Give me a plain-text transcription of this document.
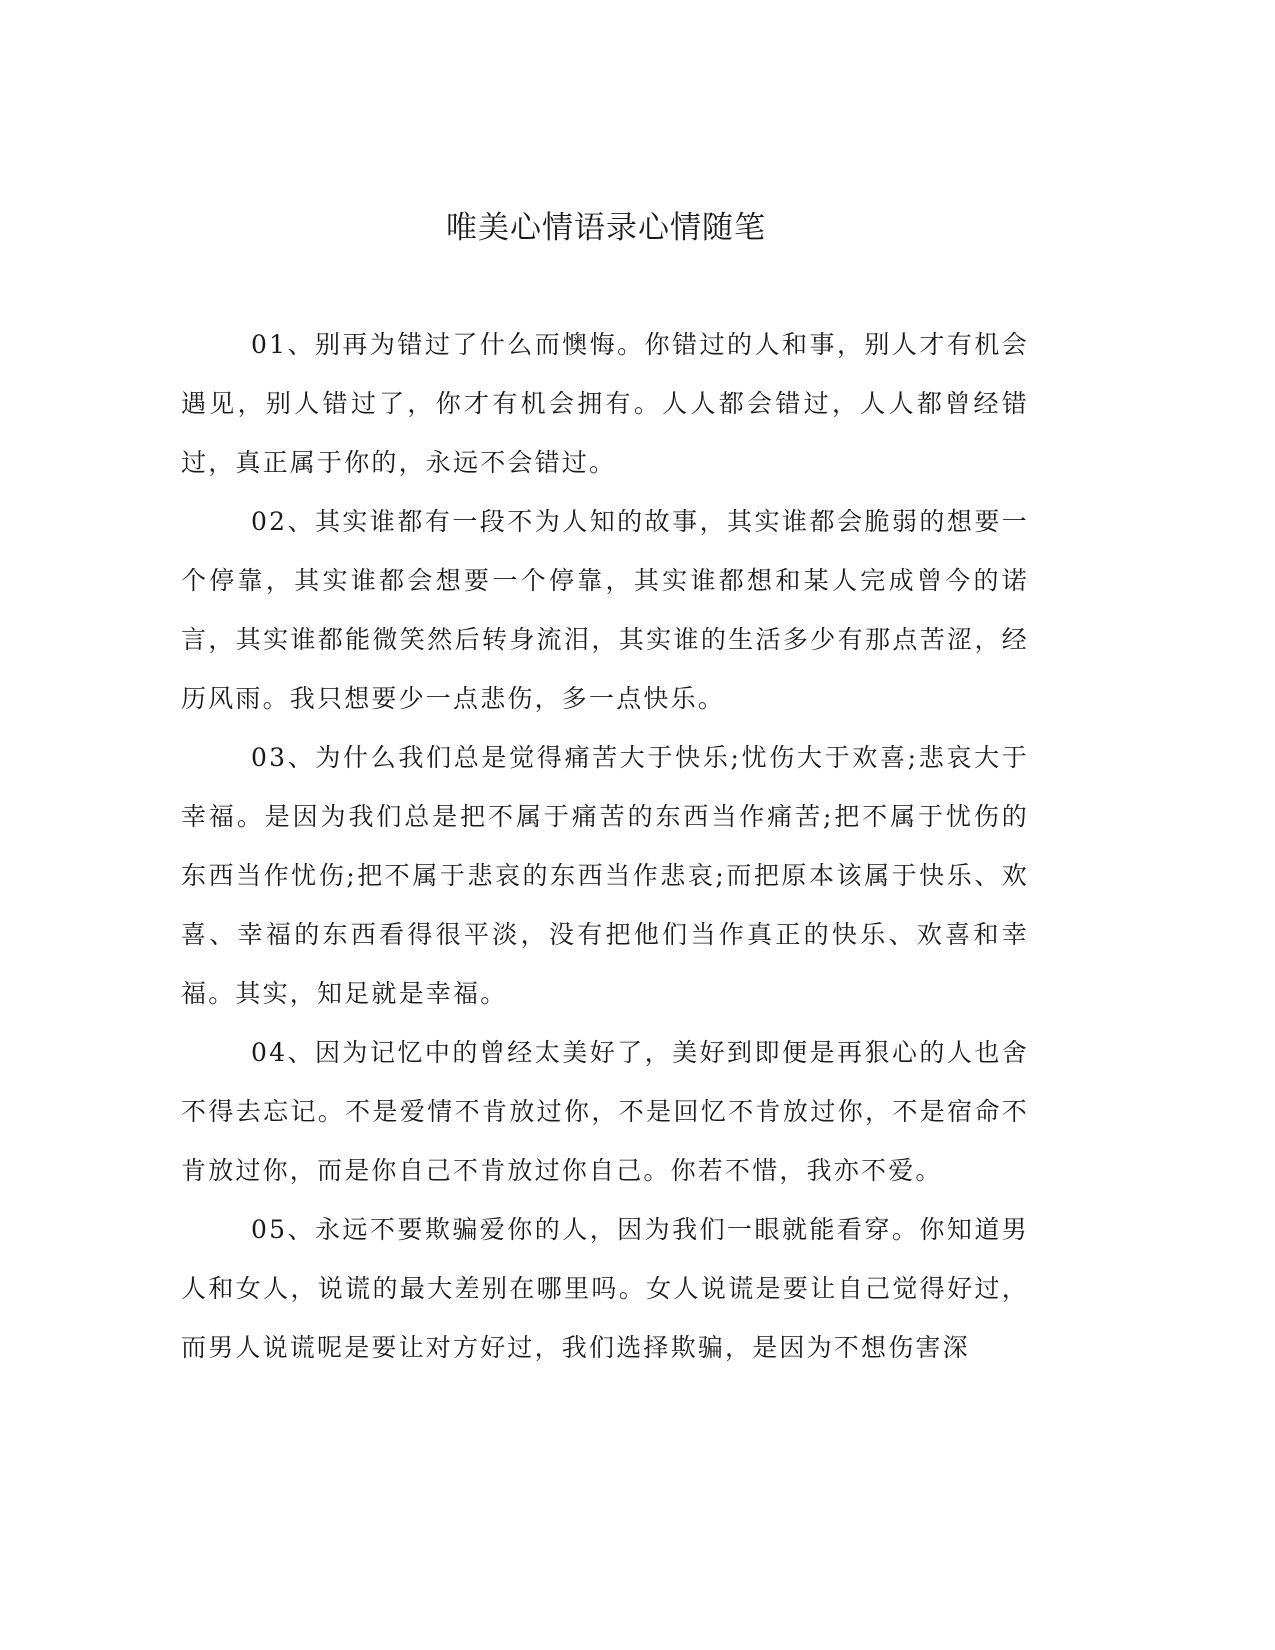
唯美心情语录心情随笔

01、别再为错过了什么而懊悔。你错过的人和事，别人才有机会遇见，别人错过了，你才有机会拥有。人人都会错过，人人都曾经错过，真正属于你的，永远不会错过。

02、其实谁都有一段不为人知的故事，其实谁都会脆弱的想要一个停靠，其实谁都会想要一个停靠，其实谁都想和某人完成曾今的诺言，其实谁都能微笑然后转身流泪，其实谁的生活多少有那点苦涩，经历风雨。我只想要少一点悲伤，多一点快乐。

03、为什么我们总是觉得痛苦大于快乐;忧伤大于欢喜;悲哀大于幸福。是因为我们总是把不属于痛苦的东西当作痛苦;把不属于忧伤的东西当作忧伤;把不属于悲哀的东西当作悲哀;而把原本该属于快乐、欢喜、幸福的东西看得很平淡，没有把他们当作真正的快乐、欢喜和幸福。其实，知足就是幸福。

04、因为记忆中的曾经太美好了，美好到即便是再狠心的人也舍不得去忘记。不是爱情不肯放过你，不是回忆不肯放过你，不是宿命不肯放过你，而是你自己不肯放过你自己。你若不惜，我亦不爱。

05、永远不要欺骗爱你的人，因为我们一眼就能看穿。你知道男人和女人，说谎的最大差别在哪里吗。女人说谎是要让自己觉得好过，而男人说谎呢是要让对方好过，我们选择欺骗，是因为不想伤害深
